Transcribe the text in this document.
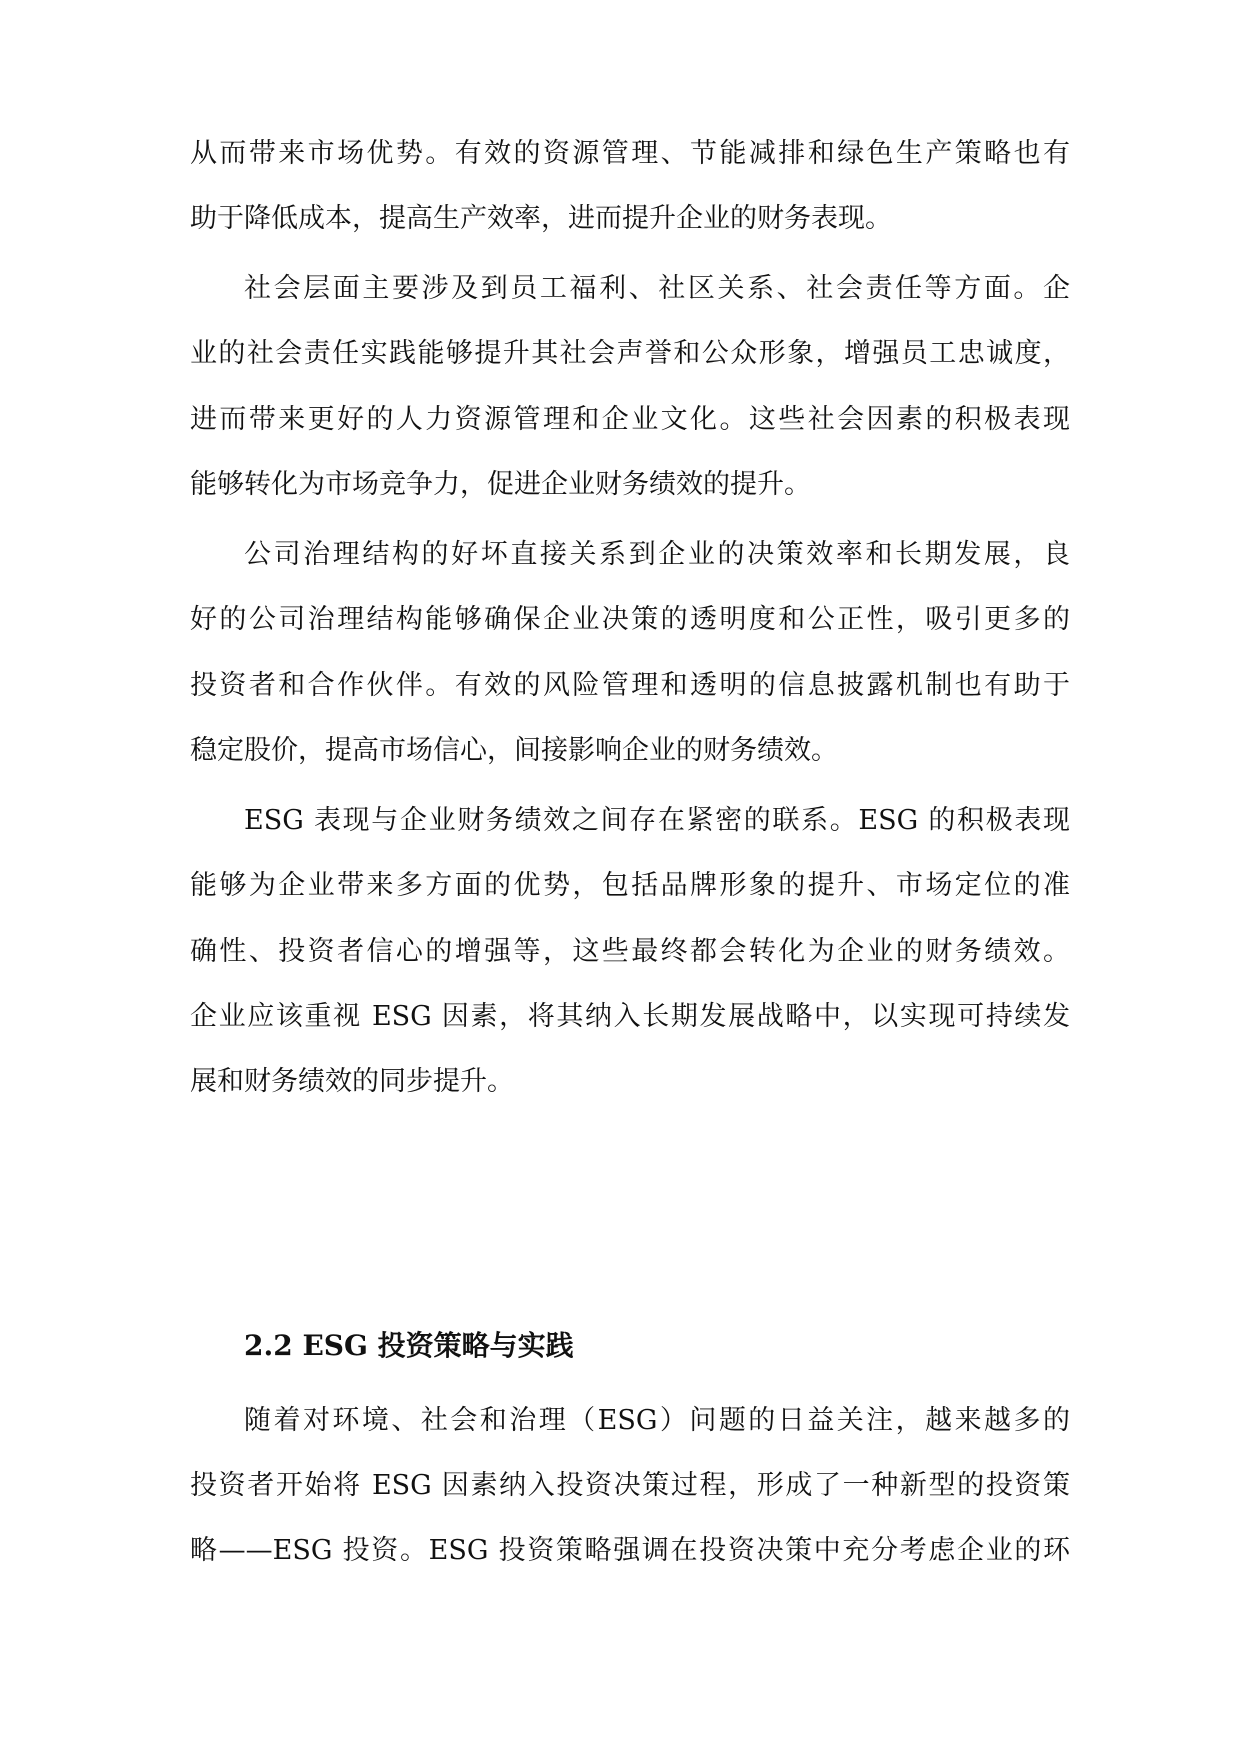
从而带来市场优势。有效的资源管理、节能减排和绿色生产策略也有
助于降低成本，提高生产效率，进而提升企业的财务表现。
社会层面主要涉及到员工福利、社区关系、社会责任等方面。企
业的社会责任实践能够提升其社会声誉和公众形象，增强员工忠诚度，
进而带来更好的人力资源管理和企业文化。这些社会因素的积极表现
能够转化为市场竞争力，促进企业财务绩效的提升。
公司治理结构的好坏直接关系到企业的决策效率和长期发展，良
好的公司治理结构能够确保企业决策的透明度和公正性，吸引更多的
投资者和合作伙伴。有效的风险管理和透明的信息披露机制也有助于
稳定股价，提高市场信心，间接影响企业的财务绩效。
ESG 表现与企业财务绩效之间存在紧密的联系。ESG 的积极表现
能够为企业带来多方面的优势，包括品牌形象的提升、市场定位的准
确性、投资者信心的增强等，这些最终都会转化为企业的财务绩效。
企业应该重视 ESG 因素，将其纳入长期发展战略中，以实现可持续发
展和财务绩效的同步提升。
2.2 ESG 投资策略与实践
随着对环境、社会和治理（ESG）问题的日益关注，越来越多的
投资者开始将 ESG 因素纳入投资决策过程，形成了一种新型的投资策
略——ESG 投资。ESG 投资策略强调在投资决策中充分考虑企业的环
